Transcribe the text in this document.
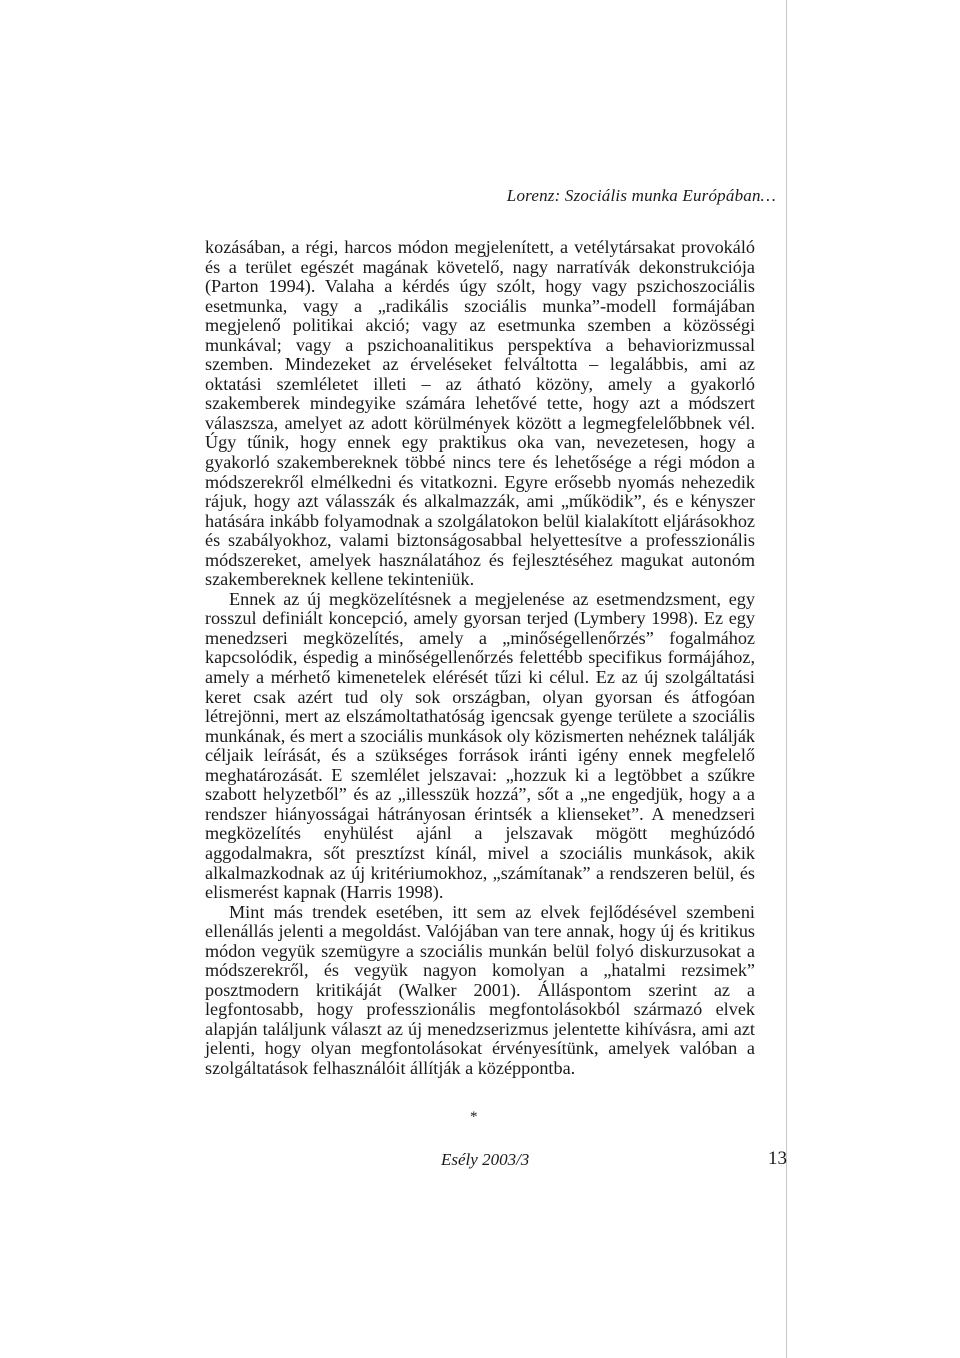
Lorenz: Szociális munka Európában…

kozásában, a régi, harcos módon megjelenített, a vetélytársakat provokáló és a terület egészét magának követelő, nagy narratívák dekonstrukciója (Parton 1994). Valaha a kérdés úgy szólt, hogy vagy pszichoszociális esetmunka, vagy a „radikális szociális munka”-modell formájában megjelenő politikai akció; vagy az esetmunka szemben a közösségi munkával; vagy a pszichoanalitikus perspektíva a behaviorizmussal szemben. Mindezeket az érveléseket felváltotta – legalábbis, ami az oktatási szemléletet illeti – az átható közöny, amely a gyakorló szakemberek mindegyike számára lehetővé tette, hogy azt a módszert válaszsza, amelyet az adott körülmények között a legmegfelelőbbnek vél. Úgy tűnik, hogy ennek egy praktikus oka van, nevezetesen, hogy a gyakorló szakembereknek többé nincs tere és lehetősége a régi módon a módszerekről elmélkedni és vitatkozni. Egyre erősebb nyomás nehezedik rájuk, hogy azt válasszák és alkalmazzák, ami „működik”, és e kényszer hatására inkább folyamodnak a szolgálatokon belül kialakított eljárásokhoz és szabályokhoz, valami biztonságosabbal helyettesítve a professzionális módszereket, amelyek használatához és fejlesztéséhez magukat autonóm szakembereknek kellene tekinteniük.

Ennek az új megközelítésnek a megjelenése az esetmendzsment, egy rosszul definiált koncepció, amely gyorsan terjed (Lymbery 1998). Ez egy menedzseri megközelítés, amely a „minőségellenőrzés” fogalmához kapcsolódik, éspedig a minőségellenőrzés felettébb specifikus formájához, amely a mérhető kimenetelek elérését tűzi ki célul. Ez az új szolgáltatási keret csak azért tud oly sok országban, olyan gyorsan és átfogóan létrejönni, mert az elszámoltathatóság igencsak gyenge területe a szociális munkának, és mert a szociális munkások oly közismerten nehéznek találják céljaik leírását, és a szükséges források iránti igény ennek megfelelő meghatározását. E szemlélet jelszavai: „hozzuk ki a legtöbbet a szűkre szabott helyzetből” és az „illesszük hozzá”, sőt a „ne engedjük, hogy a a rendszer hiányosságai hátrányosan érintsék a klienseket”. A menedzseri megközelítés enyhülést ajánl a jelszavak mögött meghúzódó aggodalmakra, sőt presztízst kínál, mivel a szociális munkások, akik alkalmazkodnak az új kritériumokhoz, „számítanak” a rendszeren belül, és elismerést kapnak (Harris 1998).

Mint más trendek esetében, itt sem az elvek fejlődésével szembeni ellenállás jelenti a megoldást. Valójában van tere annak, hogy új és kritikus módon vegyük szemügyre a szociális munkán belül folyó diskurzusokat a módszerekről, és vegyük nagyon komolyan a „hatalmi rezsimek” posztmodern kritikáját (Walker 2001). Álláspontom szerint az a legfontosabb, hogy professzionális megfontolásokból származó elvek alapján találjunk választ az új menedzserizmus jelentette kihívásra, ami azt jelenti, hogy olyan megfontolásokat érvényesítünk, amelyek valóban a szolgáltatások felhasználóit állítják a középpontba.

*
Esély 2003/3	13
